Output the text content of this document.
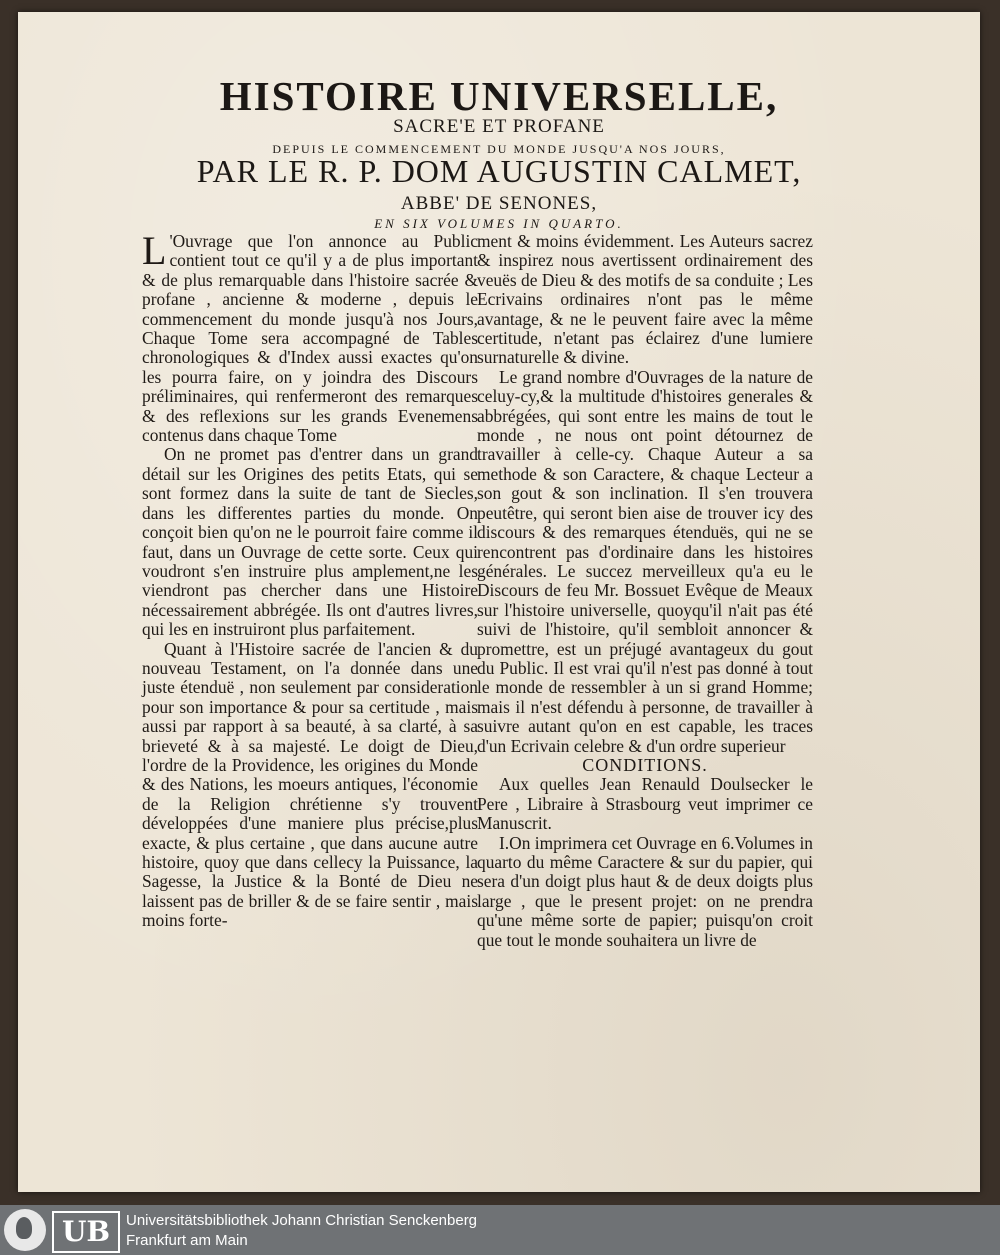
HISTOIRE UNIVERSELLE,
SACRE'E ET PROFANE
DEPUIS LE COMMENCEMENT DU MONDE JUSQU'A NOS JOURS,
PAR LE R. P. DOM AUGUSTIN CALMET,
ABBE' DE SENONES,
EN SIX VOLUMES IN QUARTO.

L 'Ouvrage que l'on annonce au Public contient tout ce qu'il y a de plus important & de plus remarquable dans l'histoire sacrée & profane , ancienne & moderne , depuis le commencement du monde jusqu'à nos Jours, Chaque Tome sera accompagné de Tables chronologiques & d'Index aussi exactes qu'on les pourra faire, on y joindra des Discours préliminaires, qui renfermeront des remarques & des reflexions sur les grands Evenemens contenus dans chaque Tome

On ne promet pas d'entrer dans un grand détail sur les Origines des petits Etats, qui se sont formez dans la suite de tant de Siecles, dans les differentes parties du monde. On conçoit bien qu'on ne le pourroit faire comme il faut, dans un Ouvrage de cette sorte. Ceux qui voudront s'en instruire plus amplement,ne les viendront pas chercher dans une Histoire nécessairement abbrégée. Ils ont d'autres livres, qui les en instruiront plus parfaitement.

Quant à l'Histoire sacrée de l'ancien & du nouveau Testament, on l'a donnée dans une juste étenduë , non seulement par consideration pour son importance & pour sa certitude , mais aussi par rapport à sa beauté, à sa clarté, à sa brieveté & à sa majesté. Le doigt de Dieu, l'ordre de la Providence, les origines du Monde & des Nations, les moeurs antiques, l'économie de la Religion chrétienne s'y trouvent développées d'une maniere plus précise,plus exacte, & plus certaine , que dans aucune autre histoire, quoy que dans cellecy la Puissance, la Sagesse, la Justice & la Bonté de Dieu ne laissent pas de briller & de se faire sentir , mais moins forte-

ment & moins évidemment. Les Auteurs sacrez & inspirez nous avertissent ordinairement des veuës de Dieu & des motifs de sa conduite ; Les Ecrivains ordinaires n'ont pas le même avantage, & ne le peuvent faire avec la même certitude, n'etant pas éclairez d'une lumiere surnaturelle & divine.

Le grand nombre d'Ouvrages de la nature de celuy-cy,& la multitude d'histoires generales & abbrégées, qui sont entre les mains de tout le monde , ne nous ont point détournez de travailler à celle-cy. Chaque Auteur a sa methode & son Caractere, & chaque Lecteur a son gout & son inclination. Il s'en trouvera peutêtre, qui seront bien aise de trouver icy des discours & des remarques étenduës, qui ne se rencontrent pas d'ordinaire dans les histoires générales. Le succez merveilleux qu'a eu le Discours de feu Mr. Bossuet Evêque de Meaux sur l'histoire universelle, quoyqu'il n'ait pas été suivi de l'histoire, qu'il sembloit annoncer & promettre, est un préjugé avantageux du gout du Public. Il est vrai qu'il n'est pas donné à tout le monde de ressembler à un si grand Homme; mais il n'est défendu à personne, de travailler à suivre autant qu'on en est capable, les traces d'un Ecrivain celebre & d'un ordre superieur

CONDITIONS.

Aux quelles Jean Renauld Doulsecker le Pere , Libraire à Strasbourg veut imprimer ce Manuscrit.

I.On imprimera cet Ouvrage en 6.Volumes in quarto du même Caractere & sur du papier, qui sera d'un doigt plus haut & de deux doigts plus large , que le present projet: on ne prendra qu'une même sorte de papier; puisqu'on croit que tout le monde souhaitera un livre de

UB	Universitätsbibliothek Johann Christian Senckenberg
Frankfurt am Main
